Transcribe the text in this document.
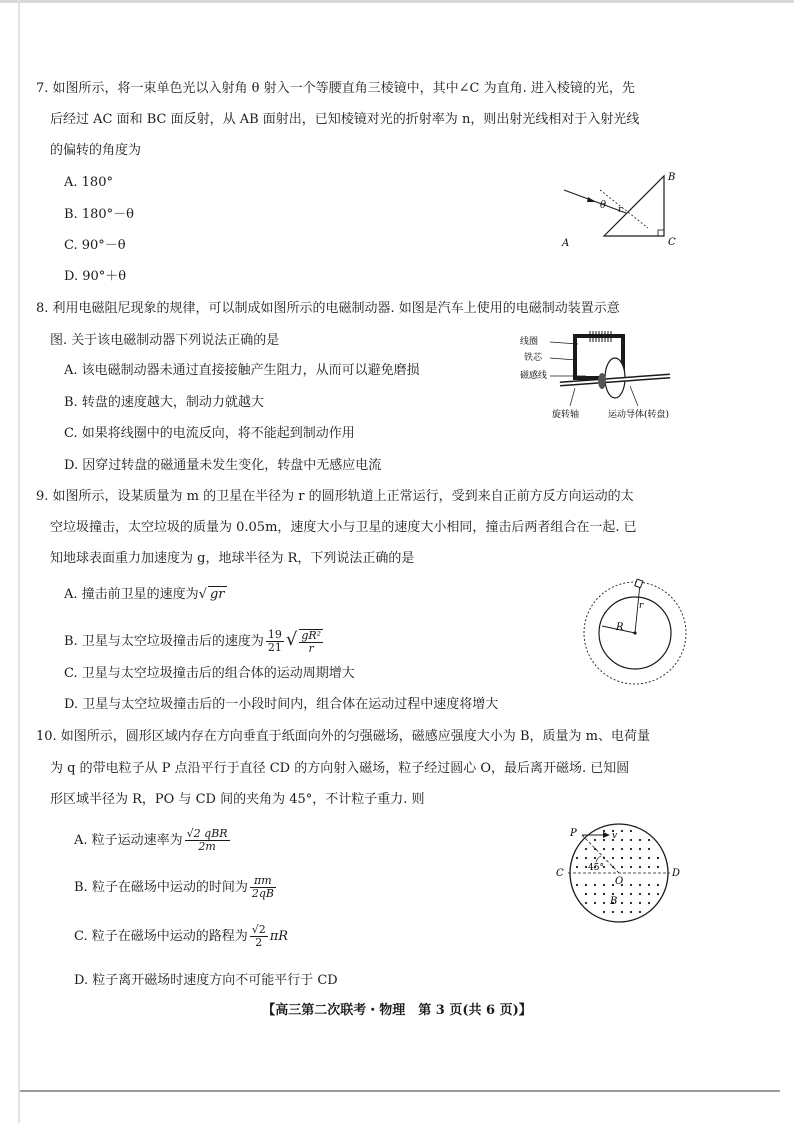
7. 如图所示，将一束单色光以入射角 θ 射入一个等腰直角三棱镜中，其中∠C 为直角. 进入棱镜的光，先
后经过 AC 面和 BC 面反射，从 AB 面射出，已知棱镜对光的折射率为 n，则出射光线相对于入射光线
的偏转的角度为
A. 180°
B. 180°－θ
C. 90°－θ
D. 90°＋θ
A
B
C
θ r
8. 利用电磁阻尼现象的规律，可以制成如图所示的电磁制动器. 如图是汽车上使用的电磁制动装置示意
图. 关于该电磁制动器下列说法正确的是
A. 该电磁制动器未通过直接接触产生阻力，从而可以避免磨损
B. 转盘的速度越大，制动力就越大
C. 如果将线圈中的电流反向，将不能起到制动作用
D. 因穿过转盘的磁通量未发生变化，转盘中无感应电流
线圈
铁芯
磁感线
旋转轴	运动导体(转盘)
9. 如图所示，设某质量为 m 的卫星在半径为 r 的圆形轨道上正常运行，受到来自正前方反方向运动的太
空垃圾撞击，太空垃圾的质量为 0.05m，速度大小与卫星的速度大小相同，撞击后两者组合在一起. 已
知地球表面重力加速度为 g，地球半径为 R，下列说法正确的是
A. 撞击前卫星的速度为√ gr
B. 卫星与太空垃圾撞击后的速度为 $\frac{19}{21}$ √ $\frac{\text{gR²}}{r}$
C. 卫星与太空垃圾撞击后的组合体的运动周期增大
D. 卫星与太空垃圾撞击后的一小段时间内，组合体在运动过程中速度将增大
R
r
10. 如图所示，圆形区域内存在方向垂直于纸面向外的匀强磁场，磁感应强度大小为 B，质量为 m、电荷量
为 q 的带电粒子从 P 点沿平行于直径 CD 的方向射入磁场，粒子经过圆心 O，最后离开磁场. 已知圆
形区域半径为 R，PO 与 CD 间的夹角为 45°，不计粒子重力. 则
A. 粒子运动速率为 $\frac{\text{√2 qBR}}{2m}$
B. 粒子在磁场中运动的时间为 $\frac{\pi m}{2qB}$
C. 粒子在磁场中运动的路程为 $\frac{√2}{2}$ πR
D. 粒子离开磁场时速度方向不可能平行于 CD
P
C	D
O
B
v
45°
【高三第二次联考・物理　第 3 页(共 6 页)】
